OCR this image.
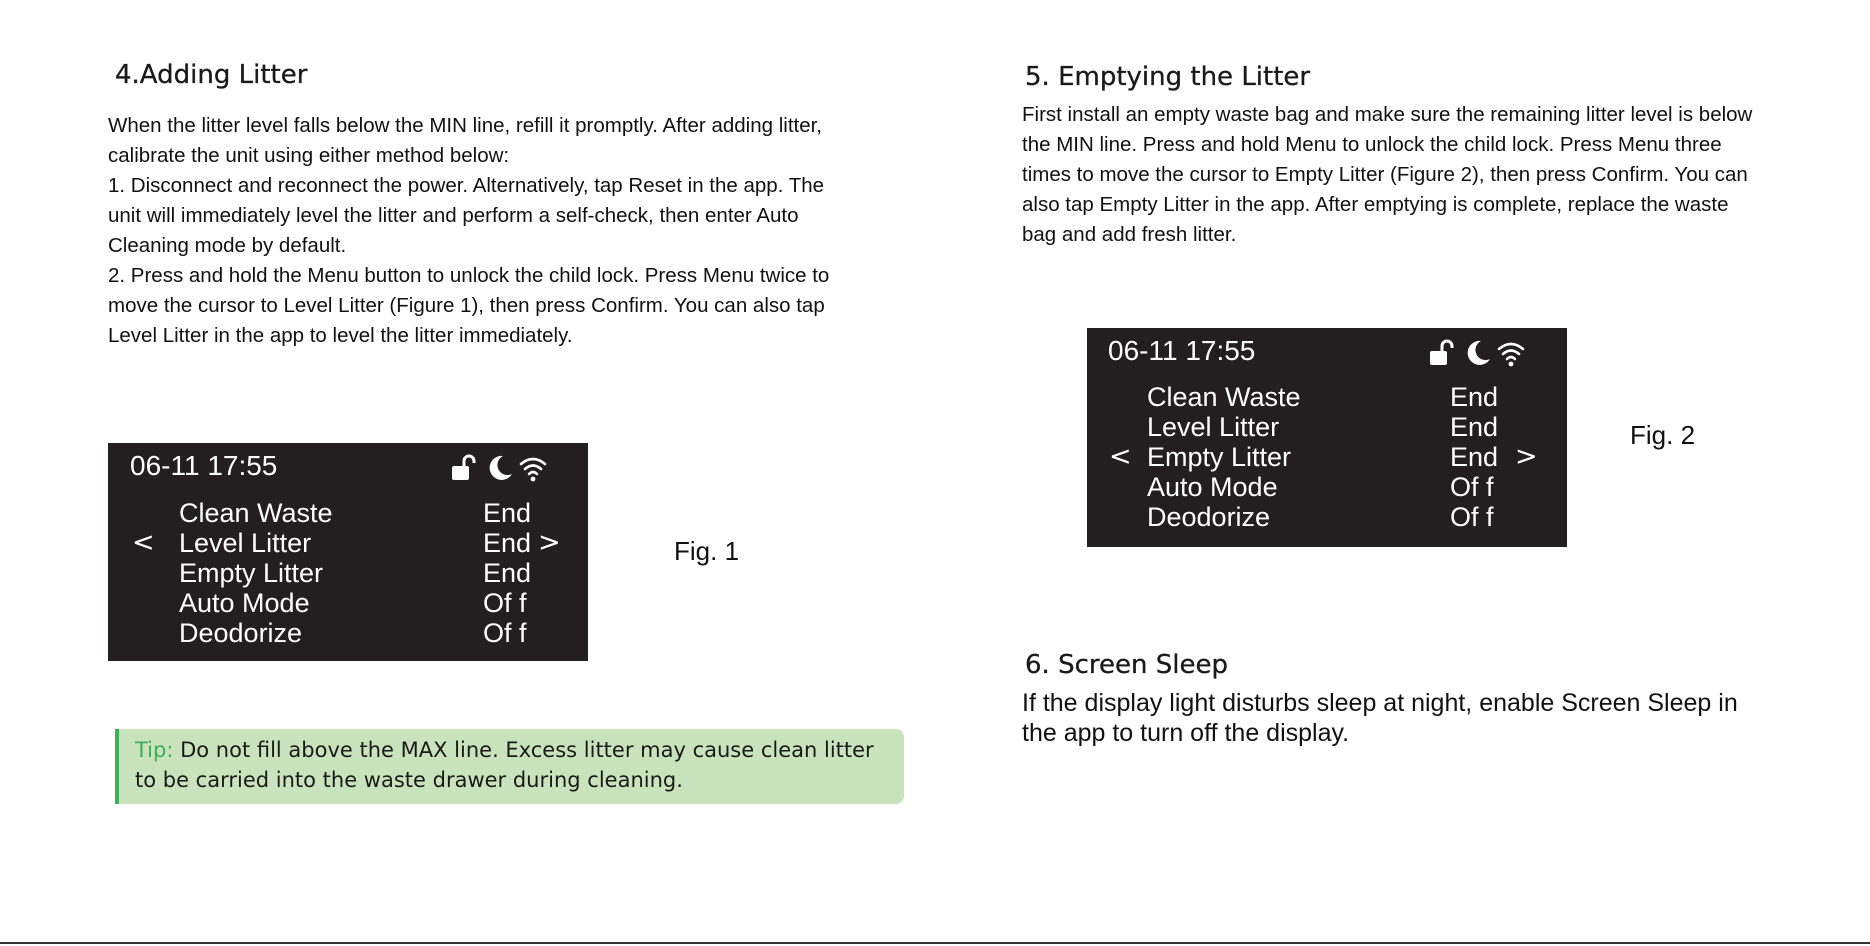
4.Adding Litter
When the litter level falls below the MIN line, refill it promptly. After adding litter,
calibrate the unit using either method below:
1. Disconnect and reconnect the power. Alternatively, tap Reset in the app. The
unit will immediately level the litter and perform a self-check, then enter Auto
Cleaning mode by default.
2. Press and hold the Menu button to unlock the child lock. Press Menu twice to
move the cursor to Level Litter (Figure 1), then press Confirm. You can also tap
Level Litter in the app to level the litter immediately.
06-11 17:55
Clean Waste	End
< Level Litter	End >
Empty Litter	End
Auto Mode	Of f
Deodorize	Of f
Fig. 1

Tip: Do not fill above the MAX line. Excess litter may cause clean litter
to be carried into the waste drawer during cleaning.

5. Emptying the Litter
First install an empty waste bag and make sure the remaining litter level is below
the MIN line. Press and hold Menu to unlock the child lock. Press Menu three
times to move the cursor to Empty Litter (Figure 2), then press Confirm. You can
also tap Empty Litter in the app. After emptying is complete, replace the waste
bag and add fresh litter.
06-11 17:55
Clean Waste	End
Level Litter	End
< Empty Litter	End >
Auto Mode	Of f
Deodorize	Of f
Fig. 2
6. Screen Sleep
If the display light disturbs sleep at night, enable Screen Sleep in
the app to turn off the display.
